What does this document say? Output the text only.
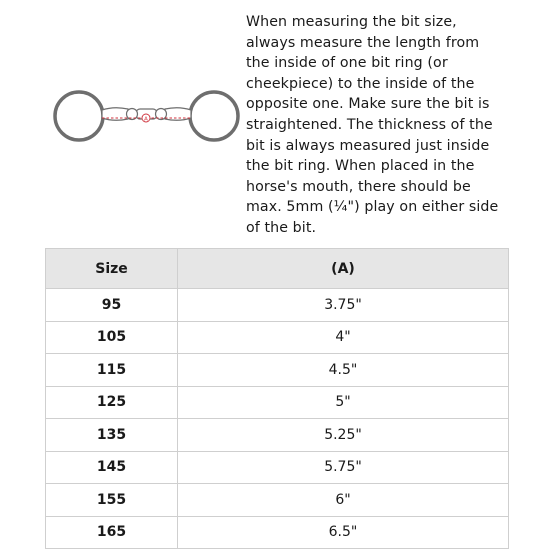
A
When measuring the bit size,
always measure the length from
the inside of one bit ring (or
cheekpiece) to the inside of the
opposite one. Make sure the bit is
straightened. The thickness of the
bit is always measured just inside
the bit ring. When placed in the
horse's mouth, there should be
max. 5mm (¼") play on either side
of the bit.
Size	(A)
95	3.75"
105	4"
115	4.5"
125	5"
135	5.25"
145	5.75"
155	6"
165	6.5"
